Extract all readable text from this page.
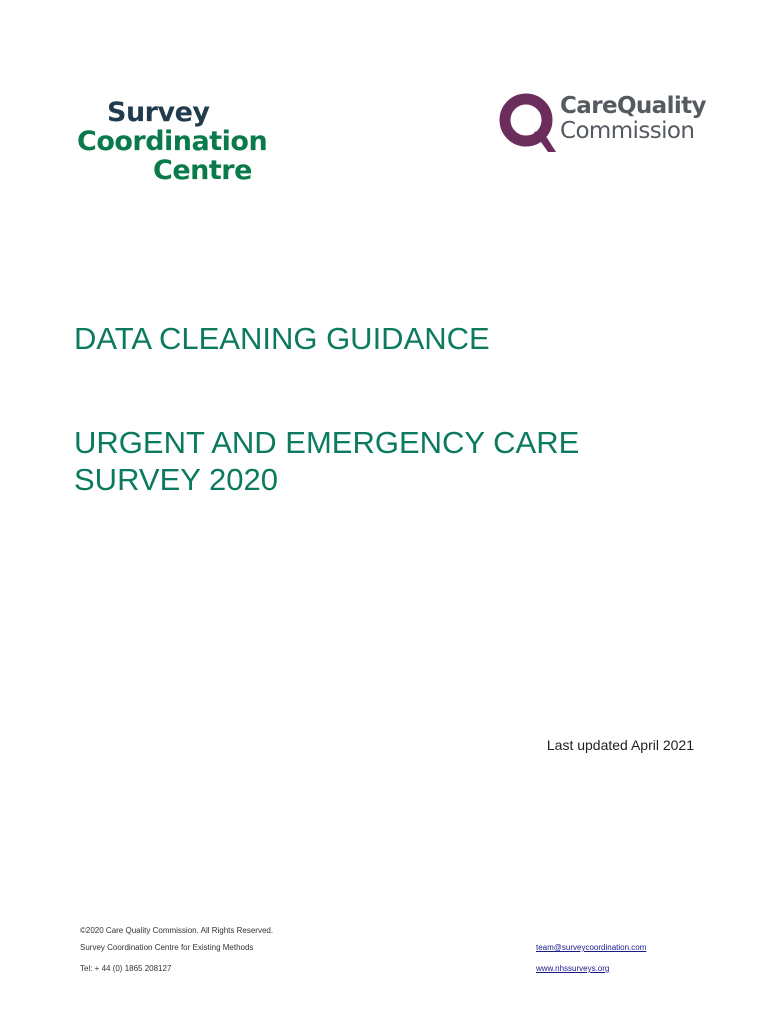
Survey
Coordination
Centre
CareQuality
Commission
DATA CLEANING GUIDANCE
URGENT AND EMERGENCY CARE SURVEY 2020
Last updated April 2021
©2020 Care Quality Commission. All Rights Reserved.
Survey Coordination Centre for Existing Methods	team@surveycoordination.com
Tel: + 44 (0) 1865 208127	www.nhssurveys.org
